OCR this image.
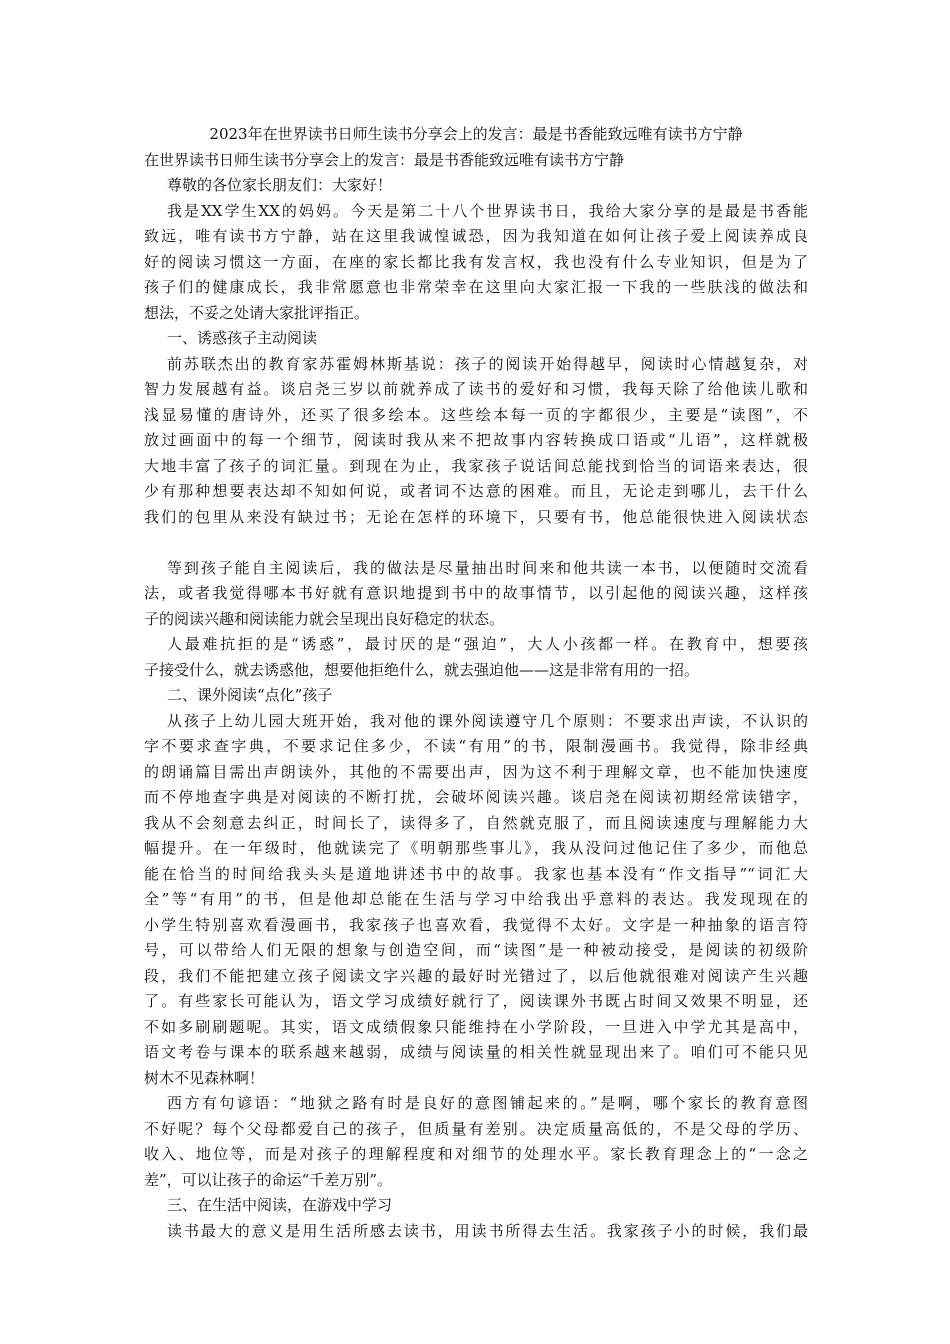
2023年在世界读书日师生读书分享会上的发言：最是书香能致远唯有读书方宁静
在世界读书日师生读书分享会上的发言：最是书香能致远唯有读书方宁静
尊敬的各位家长朋友们：大家好！
我是XX学生XX的妈妈。今天是第二十八个世界读书日，我给大家分享的是最是书香能
致远，唯有读书方宁静，站在这里我诚惶诚恐，因为我知道在如何让孩子爱上阅读养成良
好的阅读习惯这一方面，在座的家长都比我有发言权，我也没有什么专业知识，但是为了
孩子们的健康成长，我非常愿意也非常荣幸在这里向大家汇报一下我的一些肤浅的做法和
想法，不妥之处请大家批评指正。
一、诱惑孩子主动阅读
前苏联杰出的教育家苏霍姆林斯基说：孩子的阅读开始得越早，阅读时心情越复杂，对
智力发展越有益。谈启尧三岁以前就养成了读书的爱好和习惯，我每天除了给他读儿歌和
浅显易懂的唐诗外，还买了很多绘本。这些绘本每一页的字都很少，主要是“读图”，不
放过画面中的每一个细节，阅读时我从来不把故事内容转换成口语或“儿语”，这样就极
大地丰富了孩子的词汇量。到现在为止，我家孩子说话间总能找到恰当的词语来表达，很
少有那种想要表达却不知如何说，或者词不达意的困难。而且，无论走到哪儿，去干什么
我们的包里从来没有缺过书；无论在怎样的环境下，只要有书，他总能很快进入阅读状态
等到孩子能自主阅读后，我的做法是尽量抽出时间来和他共读一本书，以便随时交流看
法，或者我觉得哪本书好就有意识地提到书中的故事情节，以引起他的阅读兴趣，这样孩
子的阅读兴趣和阅读能力就会呈现出良好稳定的状态。
人最难抗拒的是“诱惑”，最讨厌的是“强迫”，大人小孩都一样。在教育中，想要孩
子接受什么，就去诱惑他，想要他拒绝什么，就去强迫他——这是非常有用的一招。
二、课外阅读“点化”孩子
从孩子上幼儿园大班开始，我对他的课外阅读遵守几个原则：不要求出声读，不认识的
字不要求查字典，不要求记住多少，不读“有用”的书，限制漫画书。我觉得，除非经典
的朗诵篇目需出声朗读外，其他的不需要出声，因为这不利于理解文章，也不能加快速度
而不停地查字典是对阅读的不断打扰，会破坏阅读兴趣。谈启尧在阅读初期经常读错字，
我从不会刻意去纠正，时间长了，读得多了，自然就克服了，而且阅读速度与理解能力大
幅提升。在一年级时，他就读完了《明朝那些事儿》，我从没问过他记住了多少，而他总
能在恰当的时间给我头头是道地讲述书中的故事。我家也基本没有“作文指导”“词汇大
全”等“有用”的书，但是他却总能在生活与学习中给我出乎意料的表达。我发现现在的
小学生特别喜欢看漫画书，我家孩子也喜欢看，我觉得不太好。文字是一种抽象的语言符
号，可以带给人们无限的想象与创造空间，而“读图”是一种被动接受，是阅读的初级阶
段，我们不能把建立孩子阅读文字兴趣的最好时光错过了，以后他就很难对阅读产生兴趣
了。有些家长可能认为，语文学习成绩好就行了，阅读课外书既占时间又效果不明显，还
不如多刷刷题呢。其实，语文成绩假象只能维持在小学阶段，一旦进入中学尤其是高中，
语文考卷与课本的联系越来越弱，成绩与阅读量的相关性就显现出来了。咱们可不能只见
树木不见森林啊！
西方有句谚语：“地狱之路有时是良好的意图铺起来的。”是啊，哪个家长的教育意图
不好呢？每个父母都爱自己的孩子，但质量有差别。决定质量高低的，不是父母的学历、
收入、地位等，而是对孩子的理解程度和对细节的处理水平。家长教育理念上的“一念之
差”，可以让孩子的命运“千差万别”。
三、在生活中阅读，在游戏中学习
读书最大的意义是用生活所感去读书，用读书所得去生活。我家孩子小的时候，我们最
